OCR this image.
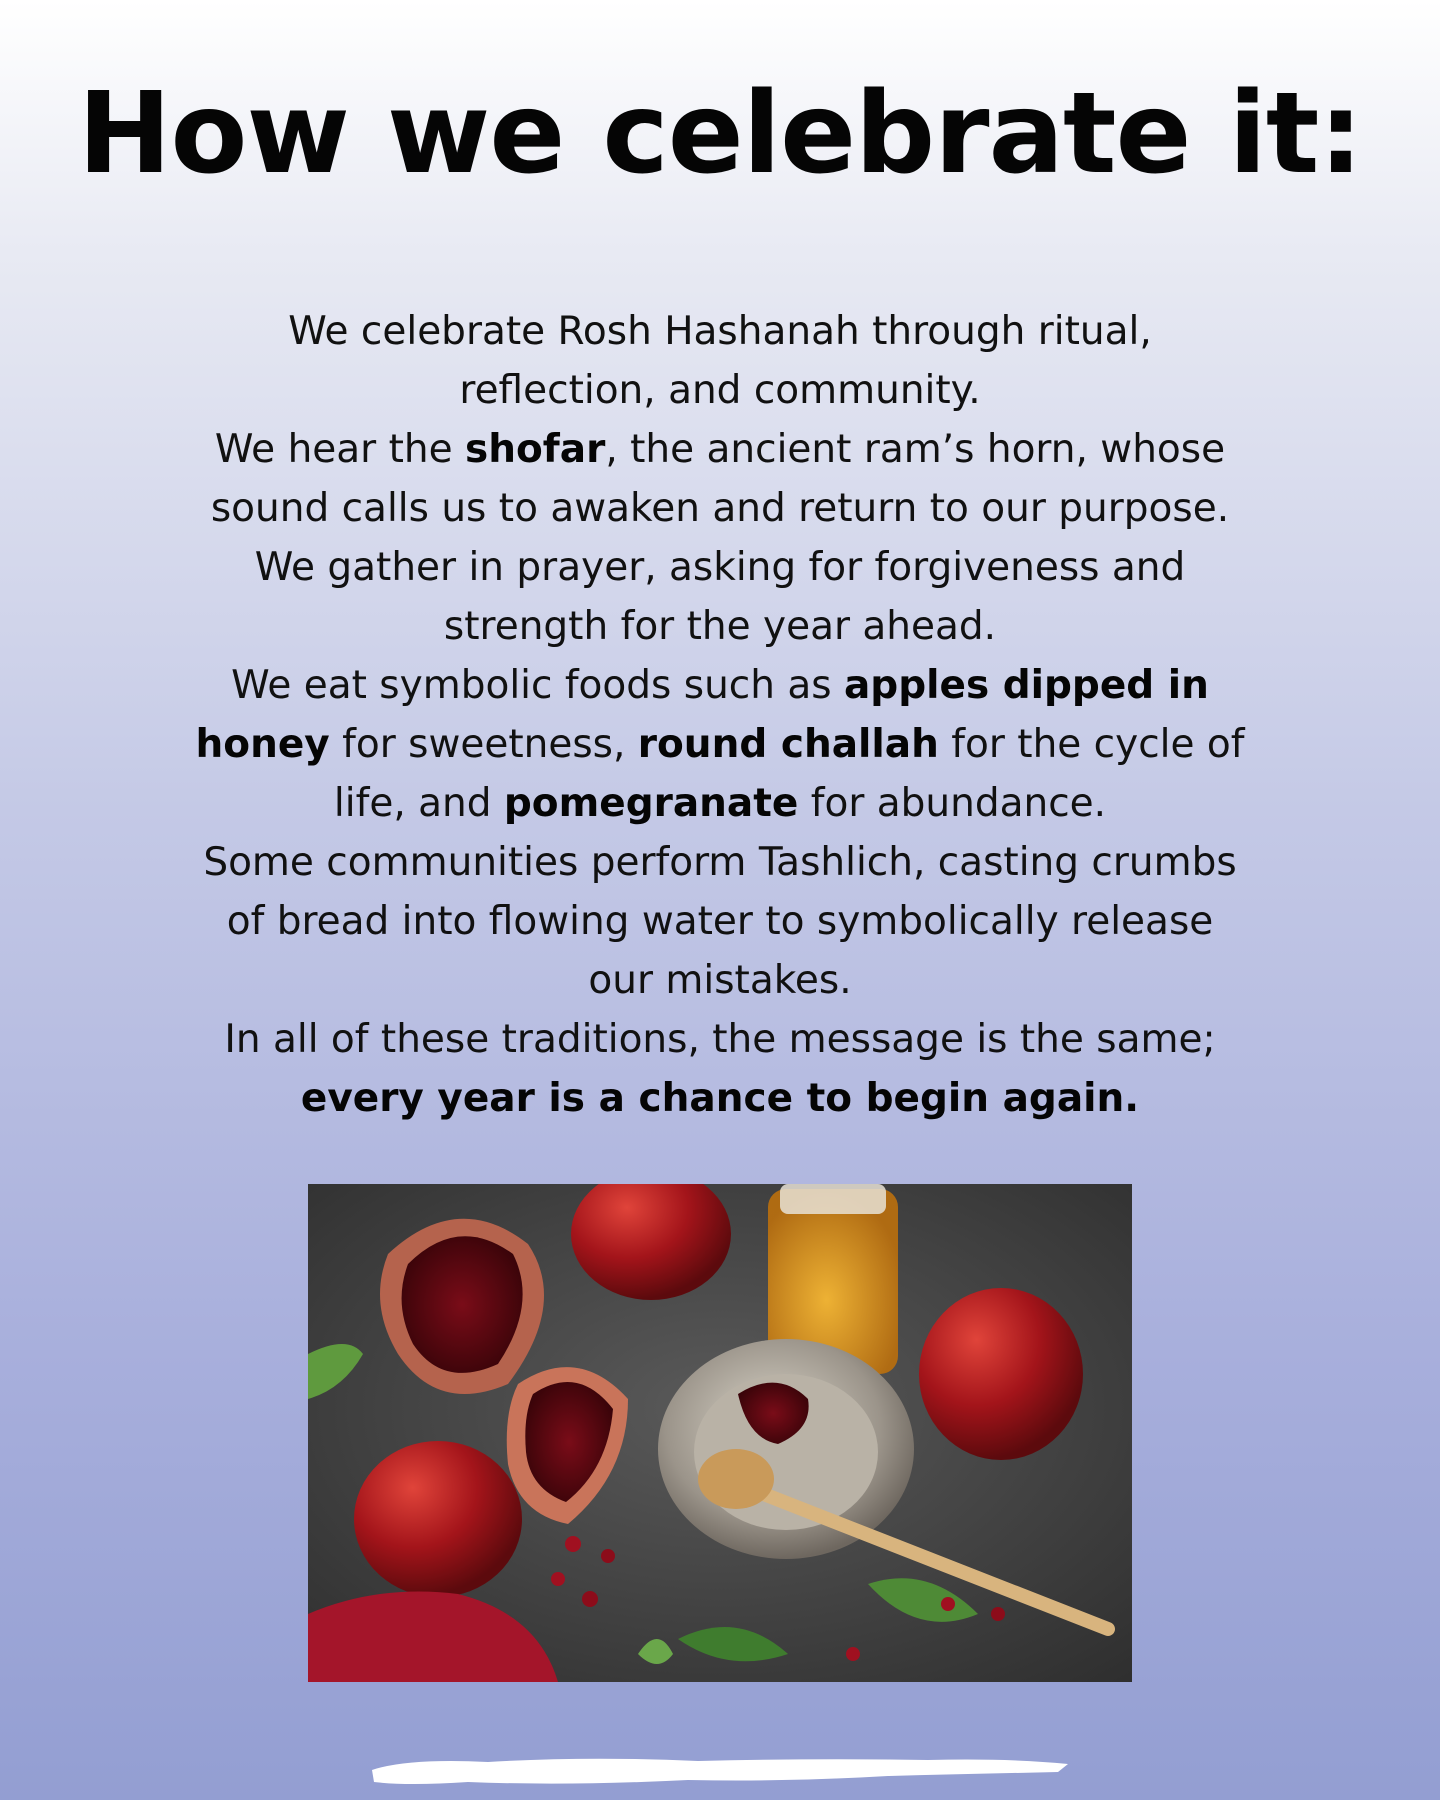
How we celebrate it:

We celebrate Rosh Hashanah through ritual, reflection, and community.

We hear the shofar, the ancient ram’s horn, whose sound calls us to awaken and return to our purpose.

We gather in prayer, asking for forgiveness and strength for the year ahead.

We eat symbolic foods such as apples dipped in honey for sweetness, round challah for the cycle of life, and pomegranate for abundance.

Some communities perform Tashlich, casting crumbs of bread into flowing water to symbolically release our mistakes.

In all of these traditions, the message is the same; every year is a chance to begin again.
